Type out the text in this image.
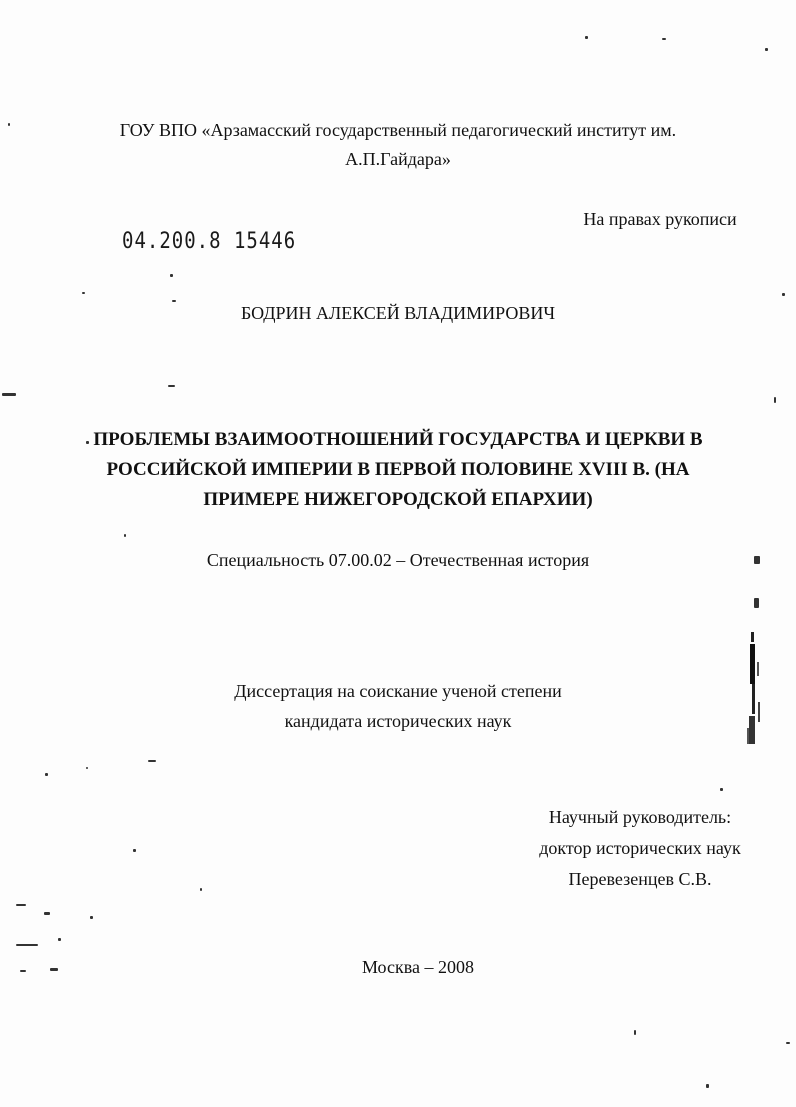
ГОУ ВПО «Арзамасский государственный педагогический институт им.
А.П.Гайдара»
На правах рукописи
04.200.8 15446
БОДРИН АЛЕКСЕЙ ВЛАДИМИРОВИЧ
ПРОБЛЕМЫ ВЗАИМООТНОШЕНИЙ ГОСУДАРСТВА И ЦЕРКВИ В
РОССИЙСКОЙ ИМПЕРИИ В ПЕРВОЙ ПОЛОВИНЕ XVIII В. (НА
ПРИМЕРЕ НИЖЕГОРОДСКОЙ ЕПАРХИИ)
Специальность 07.00.02 – Отечественная история
Диссертация на соискание ученой степени
кандидата исторических наук
Научный руководитель:
доктор исторических наук
Перевезенцев С.В.
Москва – 2008
